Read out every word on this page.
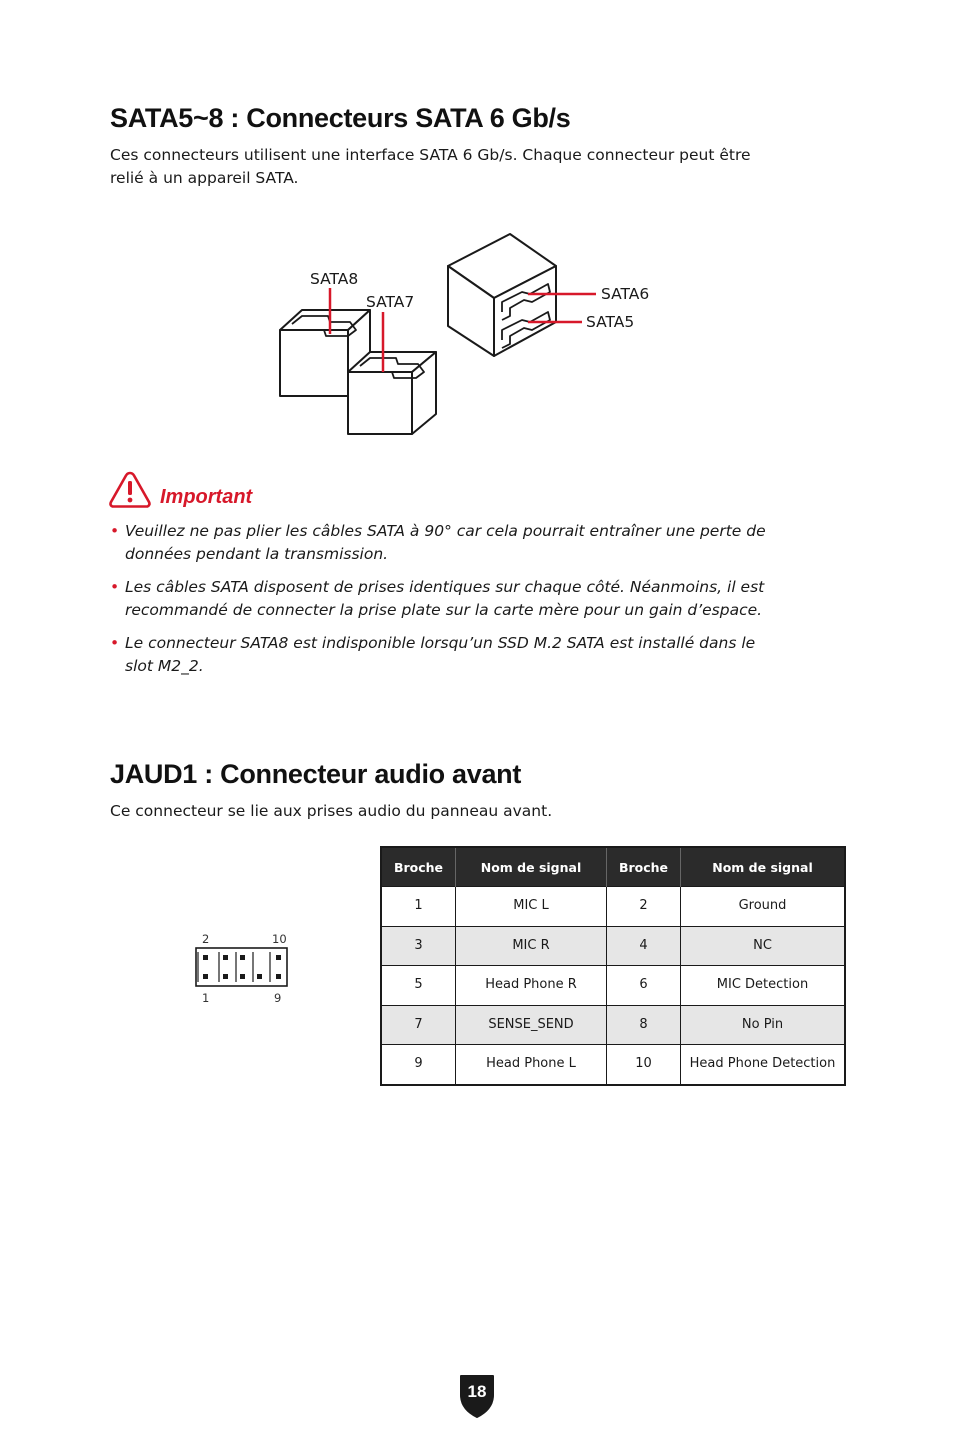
SATA5~8 : Connecteurs SATA 6 Gb/s

Ces connecteurs utilisent une interface SATA 6 Gb/s. Chaque connecteur peut être
relié à un appareil SATA.

SATA8
SATA7	SATA6
SATA5
Important
• Veuillez ne pas plier les câbles SATA à 90° car cela pourrait entraîner une perte de
données pendant la transmission.
• Les câbles SATA disposent de prises identiques sur chaque côté. Néanmoins, il est
recommandé de connecter la prise plate sur la carte mère pour un gain d’espace.
• Le connecteur SATA8 est indisponible lorsqu’un SSD M.2 SATA est installé dans le
slot M2_2.
JAUD1 : Connecteur audio avant

Ce connecteur se lie aux prises audio du panneau avant.

2	10
1	9
Broche	Nom de signal	Broche	Nom de signal
1	MIC L	2	Ground
3	MIC R	4	NC
5	Head Phone R	6	MIC Detection
7	SENSE_SEND	8	No Pin
9	Head Phone L	10	Head Phone Detection
18
